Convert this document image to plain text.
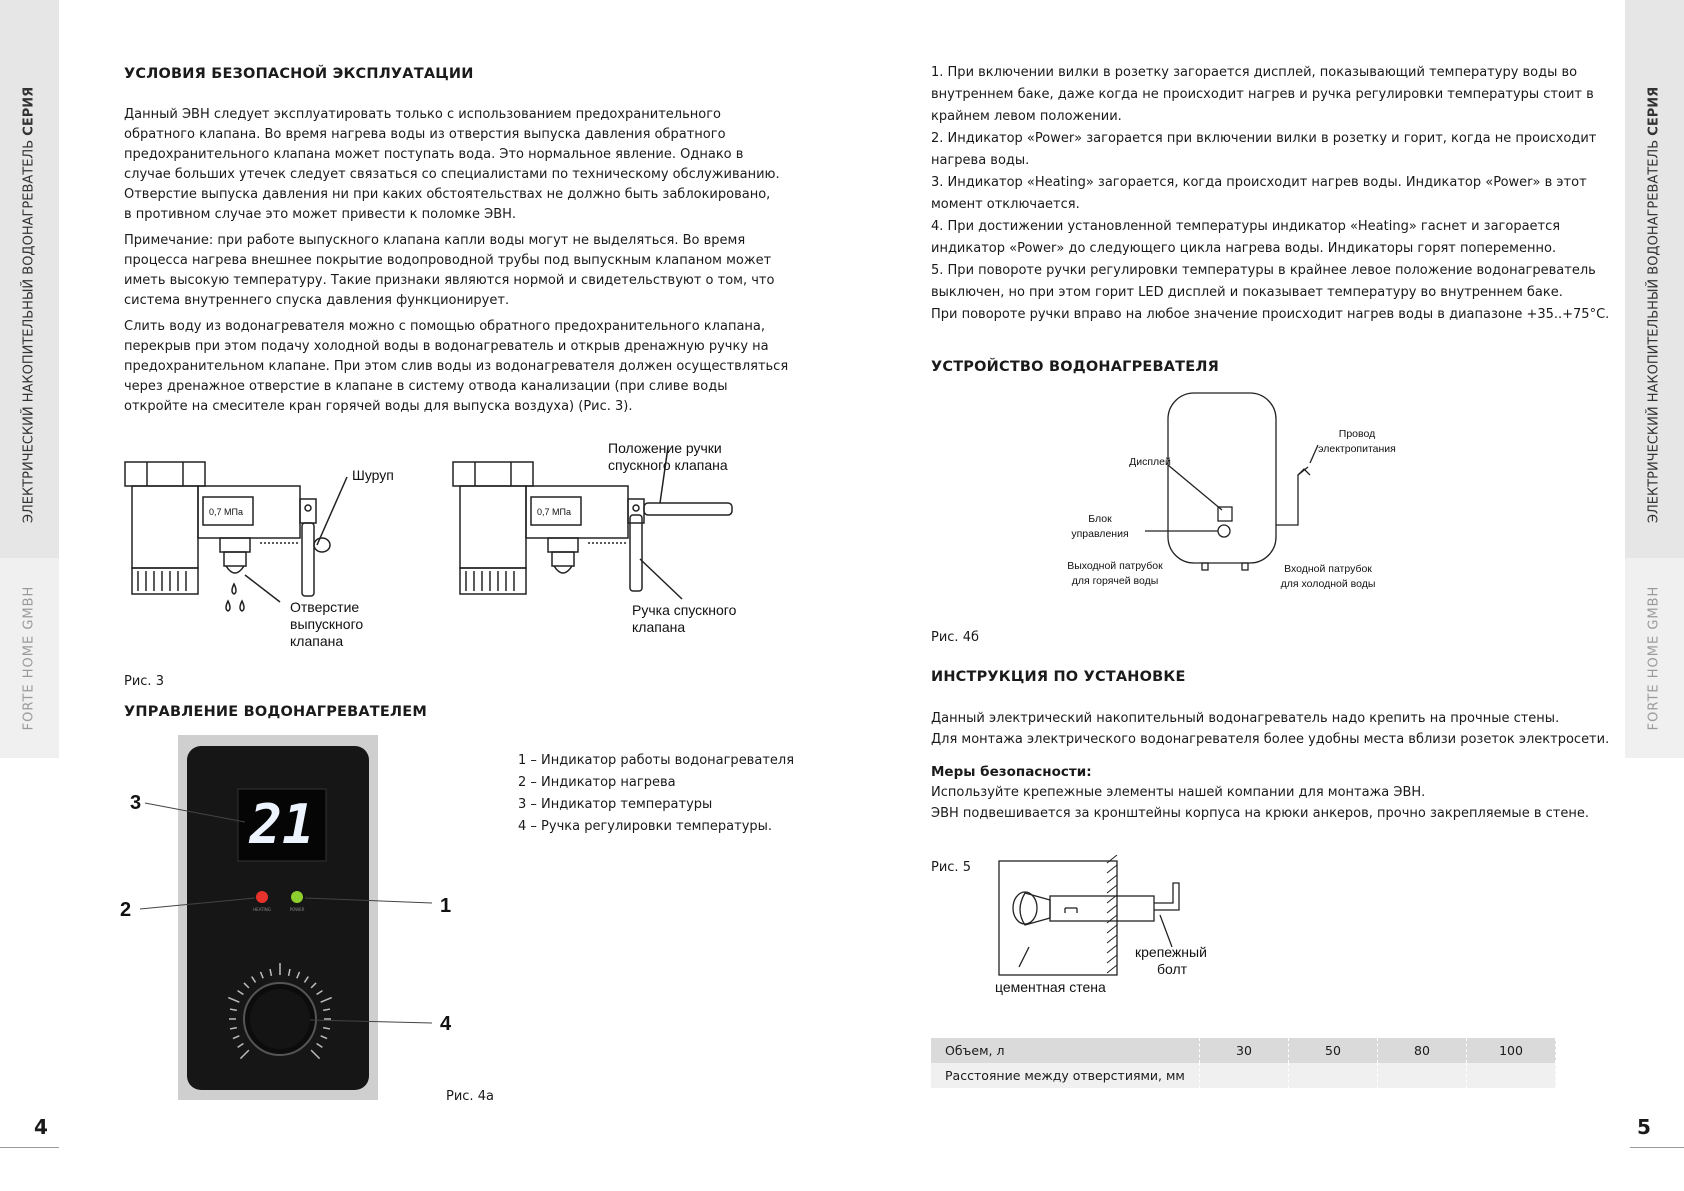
ЭЛЕКТРИЧЕСКИЙ НАКОПИТЕЛЬНЫЙ ВОДОНАГРЕВАТЕЛЬ СЕРИЯ
FORTE HOME GMBH
4
ЭЛЕКТРИЧЕСКИЙ НАКОПИТЕЛЬНЫЙ ВОДОНАГРЕВАТЕЛЬ СЕРИЯ
FORTE HOME GMBH
5
УСЛОВИЯ БЕЗОПАСНОЙ ЭКСПЛУАТАЦИИ

Данный ЭВН следует эксплуатировать только с использованием предохранительного
обратного клапана. Во время нагрева воды из отверстия выпуска давления обратного
предохранительного клапана может поступать вода. Это нормальное явление. Однако в
случае больших утечек следует связаться со специалистами по техническому обслуживанию.
Отверстие выпуска давления ни при каких обстоятельствах не должно быть заблокировано,
в противном случае это может привести к поломке ЭВН.

Примечание: при работе выпускного клапана капли воды могут не выделяться. Во время
процесса нагрева внешнее покрытие водопроводной трубы под выпускным клапаном может
иметь высокую температуру. Такие признаки являются нормой и свидетельствуют о том, что
система внутреннего спуска давления функционирует.

Слить воду из водонагревателя можно с помощью обратного предохранительного клапана,
перекрыв при этом подачу холодной воды в водонагреватель и открыв дренажную ручку на
предохранительном клапане. При этом слив воды из водонагревателя должен осуществляться
через дренажное отверстие в клапане в систему отвода канализации (при сливе воды
откройте на смесителе кран горячей воды для выпуска воздуха) (Рис. 3).

0,7 МПа	0,7 МПа
Шуруп
Отверстие
выпускного
клапана
Положение ручки
спускного клапана
Ручка спускного
клапана
Рис. 3
УПРАВЛЕНИЕ ВОДОНАГРЕВАТЕЛЕМ
21
HEATING	POWER
3
2	1
4
1 – Индикатор работы водонагревателя
2 – Индикатор нагрева
3 – Индикатор температуры
4 – Ручка регулировки температуры.
Рис. 4а
1. При включении вилки в розетку загорается дисплей, показывающий температуру воды во
внутреннем баке, даже когда не происходит нагрев и ручка регулировки температуры стоит в
крайнем левом положении.
2. Индикатор «Power» загорается при включении вилки в розетку и горит, когда не происходит
нагрева воды.
3. Индикатор «Heating» загорается, когда происходит нагрев воды. Индикатор «Power» в этот
момент отключается.
4. При достижении установленной температуры индикатор «Heating» гаснет и загорается
индикатор «Power» до следующего цикла нагрева воды. Индикаторы горят попеременно.
5. При повороте ручки регулировки температуры в крайнее левое положение водонагреватель
выключен, но при этом горит LED дисплей и показывает температуру во внутреннем баке.
При повороте ручки вправо на любое значение происходит нагрев воды в диапазоне +35..+75°С.
УСТРОЙСТВО ВОДОНАГРЕВАТЕЛЯ
Дисплей
Блок
управления
Провод
электропитания
Выходной патрубок
для горячей воды
Входной патрубок
для холодной воды
Рис. 4б
ИНСТРУКЦИЯ ПО УСТАНОВКЕ
Данный электрический накопительный водонагреватель надо крепить на прочные стены.
Для монтажа электрического водонагревателя более удобны места вблизи розеток электросети.
Меры безопасности:
Используйте крепежные элементы нашей компании для монтажа ЭВН.
ЭВН подвешивается за кронштейны корпуса на крюки анкеров, прочно закрепляемые в стене.
Рис. 5
цементная стена
крепежный
болт
Объем, л	30	50	80	100
Расстояние между отверстиями, мм				
